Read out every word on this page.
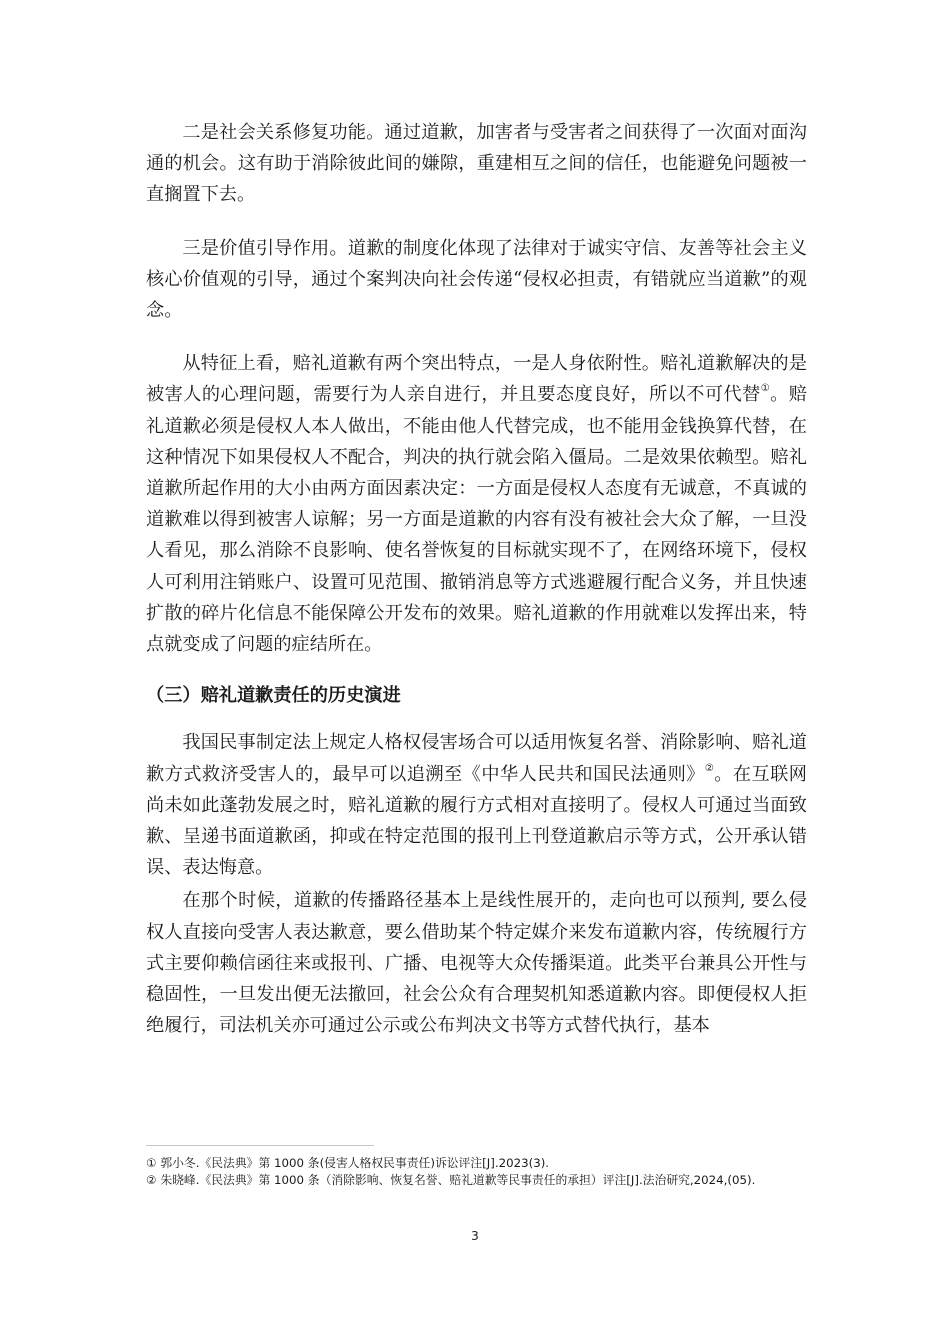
二是社会关系修复功能。通过道歉，加害者与受害者之间获得了一次面对面沟通的机会。这有助于消除彼此间的嫌隙，重建相互之间的信任，也能避免问题被一直搁置下去。

三是价值引导作用。道歉的制度化体现了法律对于诚实守信、友善等社会主义核心价值观的引导，通过个案判决向社会传递“侵权必担责，有错就应当道歉”的观念。

从特征上看，赔礼道歉有两个突出特点，一是人身依附性。赔礼道歉解决的是被害人的心理问题，需要行为人亲自进行，并且要态度良好，所以不可代替①。赔礼道歉必须是侵权人本人做出，不能由他人代替完成，也不能用金钱换算代替，在这种情况下如果侵权人不配合，判决的执行就会陷入僵局。二是效果依赖型。赔礼道歉所起作用的大小由两方面因素决定：一方面是侵权人态度有无诚意，不真诚的道歉难以得到被害人谅解；另一方面是道歉的内容有没有被社会大众了解，一旦没人看见，那么消除不良影响、使名誉恢复的目标就实现不了，在网络环境下，侵权人可利用注销账户、设置可见范围、撤销消息等方式逃避履行配合义务，并且快速扩散的碎片化信息不能保障公开发布的效果。赔礼道歉的作用就难以发挥出来，特点就变成了问题的症结所在。

（三）赔礼道歉责任的历史演进

我国民事制定法上规定人格权侵害场合可以适用恢复名誉、消除影响、赔礼道歉方式救济受害人的，最早可以追溯至《中华人民共和国民法通则》②。在互联网尚未如此蓬勃发展之时，赔礼道歉的履行方式相对直接明了。侵权人可通过当面致歉、呈递书面道歉函，抑或在特定范围的报刊上刊登道歉启示等方式，公开承认错误、表达悔意。

在那个时候，道歉的传播路径基本上是线性展开的，走向也可以预判, 要么侵权人直接向受害人表达歉意，要么借助某个特定媒介来发布道歉内容，传统履行方式主要仰赖信函往来或报刊、广播、电视等大众传播渠道。此类平台兼具公开性与稳固性，一旦发出便无法撤回，社会公众有合理契机知悉道歉内容。即便侵权人拒绝履行，司法机关亦可通过公示或公布判决文书等方式替代执行，基本

① 郭小冬.《民法典》第 1000 条(侵害人格权民事责任)诉讼评注[J].2023(3).

② 朱晓峰.《民法典》第 1000 条（消除影响、恢复名誉、赔礼道歉等民事责任的承担）评注[J].法治研究,2024,(05).

3
